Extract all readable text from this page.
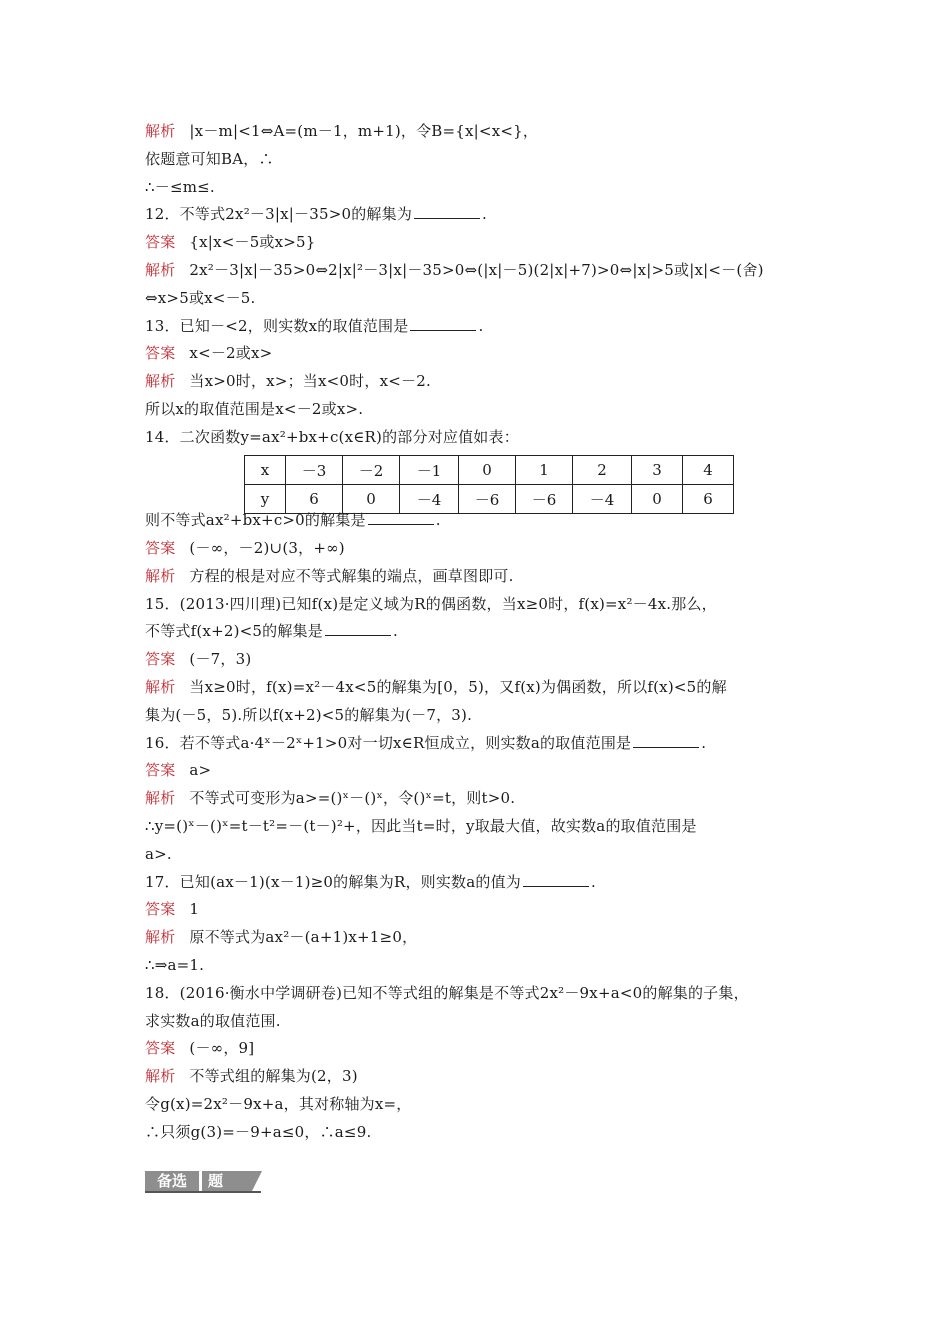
解析 |x－m|<1⇔A=(m－1，m+1)，令B={x|<x<}，
依题意可知BA，∴
∴－≤m≤.
12．不等式2x²－3|x|－35>0的解集为	.
答案 {x|x<－5或x>5}
解析 2x²－3|x|－35>0⇔2|x|²－3|x|－35>0⇔(|x|－5)(2|x|+7)>0⇔|x|>5或|x|<－(舍)
⇔x>5或x<－5.
13．已知－<2，则实数x的取值范围是	.
答案 x<－2或x>
解析 当x>0时，x>；当x<0时，x<－2.
所以x的取值范围是x<－2或x>.
14．二次函数y=ax²+bx+c(x∈R)的部分对应值如表：
则不等式ax²+bx+c>0的解集是	.
答案 (－∞，－2)∪(3，+∞)
解析 方程的根是对应不等式解集的端点，画草图即可.
15．(2013·四川理)已知f(x)是定义域为R的偶函数，当x≥0时，f(x)=x²－4x.那么，
不等式f(x+2)<5的解集是	.
答案 (－7，3)
解析 当x≥0时，f(x)=x²－4x<5的解集为[0，5)，又f(x)为偶函数，所以f(x)<5的解
集为(－5，5).所以f(x+2)<5的解集为(－7，3).
16．若不等式a·4ˣ－2ˣ+1>0对一切x∈R恒成立，则实数a的取值范围是	.
答案 a>
解析 不等式可变形为a>=()ˣ－()ˣ，令()ˣ=t，则t>0.
∴y=()ˣ－()ˣ=t－t²=－(t－)²+，因此当t=时，y取最大值，故实数a的取值范围是
a>.
17．已知(ax－1)(x－1)≥0的解集为R，则实数a的值为	.
答案 1
解析 原不等式为ax²－(a+1)x+1≥0，
∴⇒a=1.
18．(2016·衡水中学调研卷)已知不等式组的解集是不等式2x²－9x+a<0的解集的子集，
求实数a的取值范围.
答案 (－∞，9]
解析 不等式组的解集为(2，3)
令g(x)=2x²－9x+a，其对称轴为x=，
∴只须g(3)=－9+a≤0，∴a≤9.
x	－3	－2	－1	0	1	2	3	4
y	6	0	－4	－6	－6	－4	0	6
备选	题
